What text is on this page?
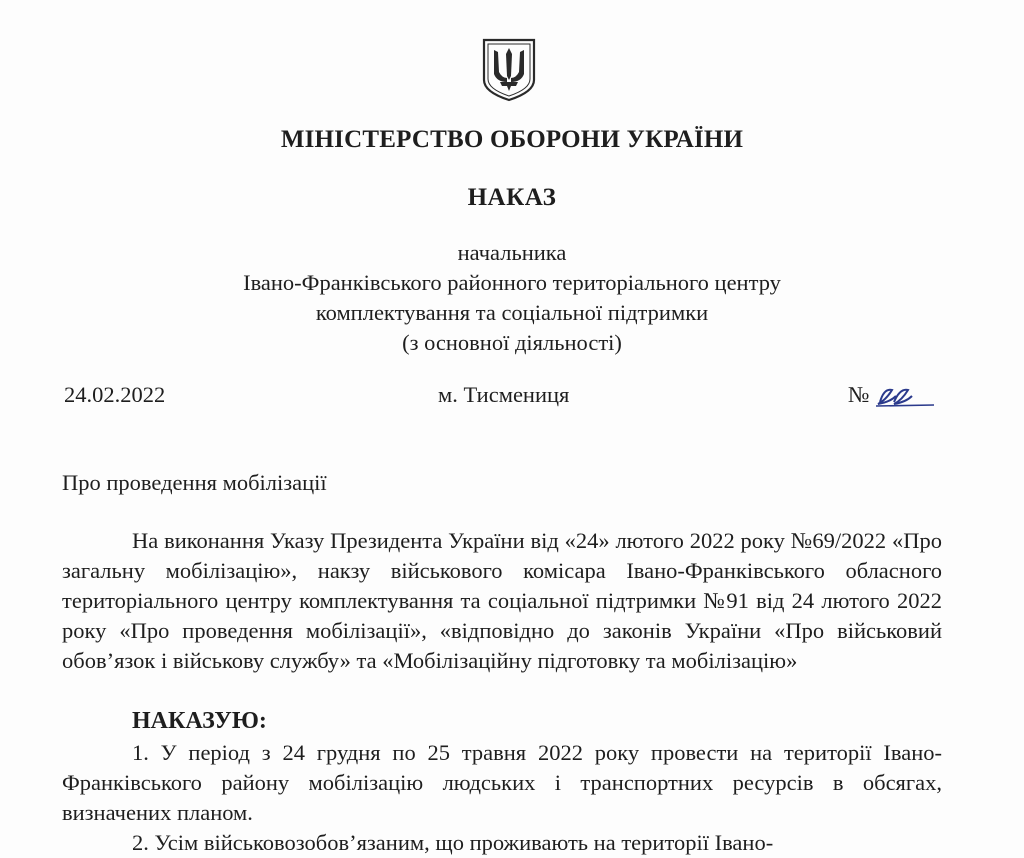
МІНІСТЕРСТВО ОБОРОНИ УКРАЇНИ
НАКАЗ
начальника
Івано-Франківського районного територіального центру
комплектування та соціальної підтримки
(з основної діяльності)
24.02.2022	м. Тисмениця	№
Про проведення мобілізації
На виконання Указу Президента України від «24» лютого 2022 року №69/2022 «Про загальну мобілізацію», накзу військового комісара Івано-Франківського обласного територіального центру комплектування та соціальної підтримки №91 від 24 лютого 2022 року «Про проведення мобілізації», «відповідно до законів України «Про військовий обов’язок і військову службу» та «Мобілізаційну підготовку та мобілізацію»
НАКАЗУЮ:
1. У період з 24 грудня по 25 травня 2022 року провести на території Івано-Франківського району мобілізацію людських і транспортних ресурсів в обсягах, визначених планом.
2. Усім військовозобов’язаним, що проживають на території Івано-
